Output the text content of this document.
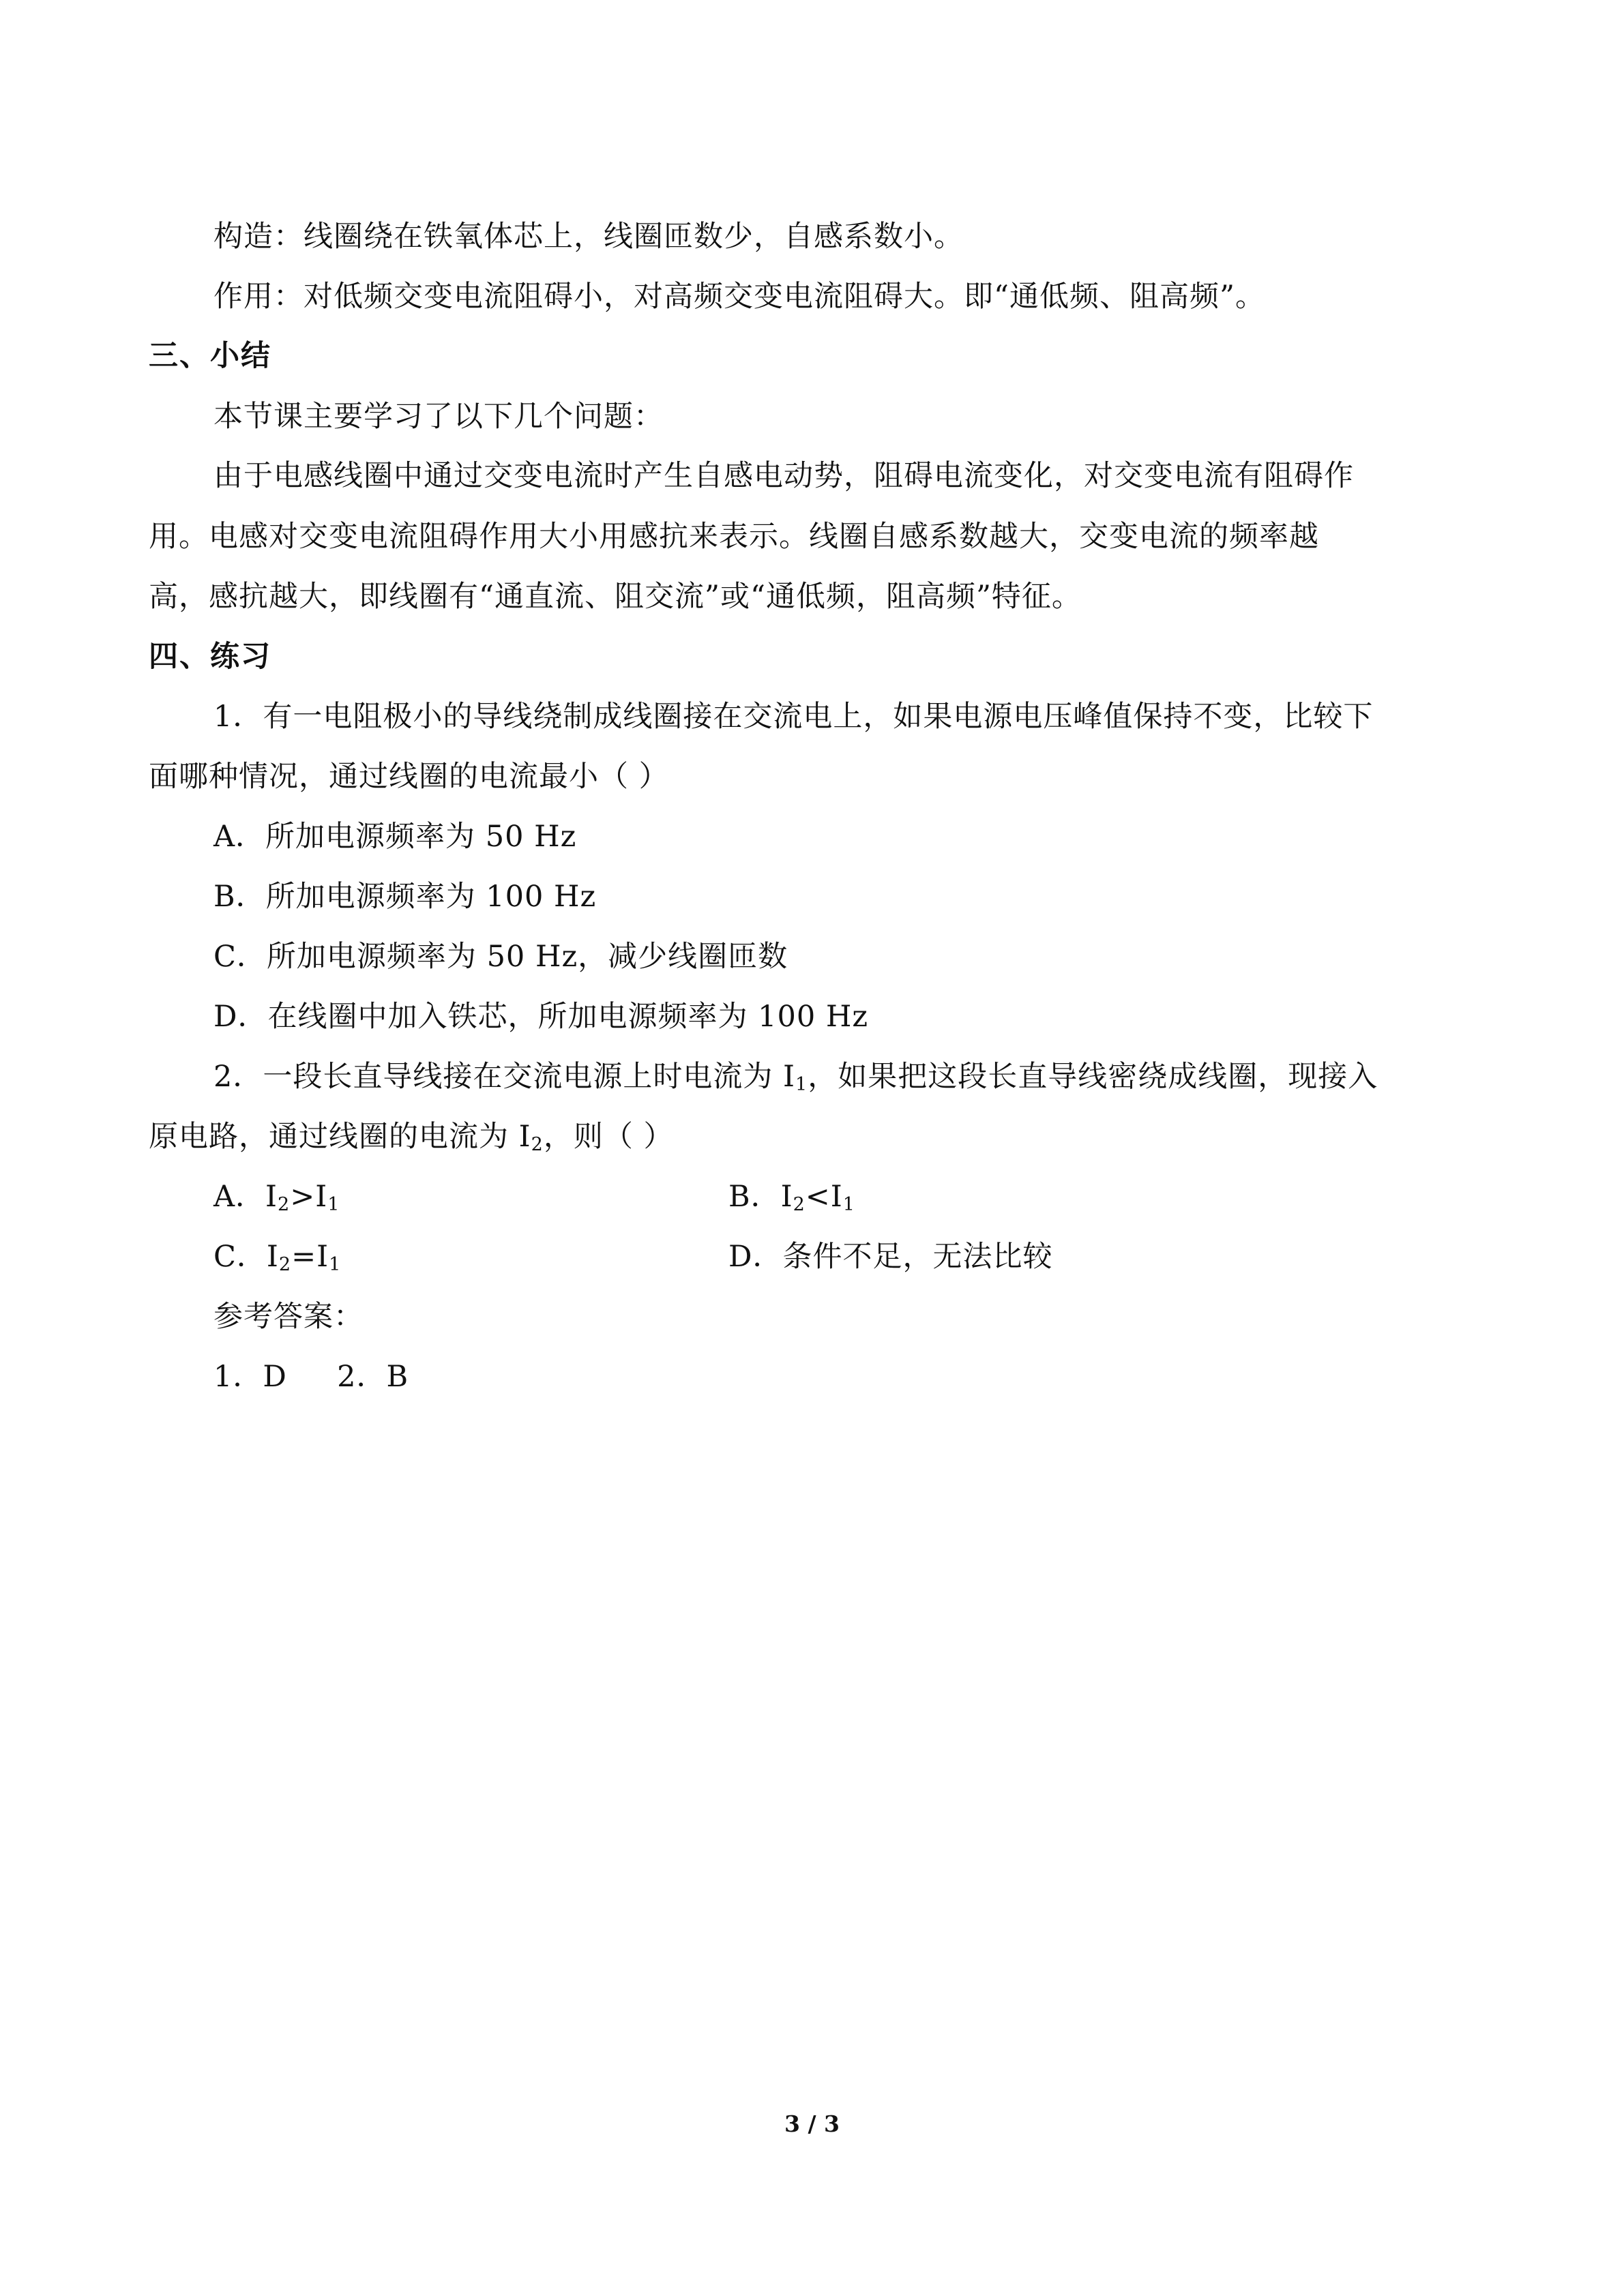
构造：线圈绕在铁氧体芯上，线圈匝数少，自感系数小。
作用：对低频交变电流阻碍小，对高频交变电流阻碍大。即“通低频、阻高频”。
三、小结
本节课主要学习了以下几个问题：
由于电感线圈中通过交变电流时产生自感电动势，阻碍电流变化，对交变电流有阻碍作
用。电感对交变电流阻碍作用大小用感抗来表示。线圈自感系数越大，交变电流的频率越
高，感抗越大，即线圈有“通直流、阻交流”或“通低频，阻高频”特征。
四、练习
1．有一电阻极小的导线绕制成线圈接在交流电上，如果电源电压峰值保持不变，比较下
面哪种情况，通过线圈的电流最小（ ）
A．所加电源频率为 50 Hz
B．所加电源频率为 100 Hz
C．所加电源频率为 50 Hz，减少线圈匝数
D．在线圈中加入铁芯，所加电源频率为 100 Hz
2．一段长直导线接在交流电源上时电流为 $I_1$，如果把这段长直导线密绕成线圈，现接入
原电路，通过线圈的电流为 $I_2$，则（ ）
A．$I_2>I_1$	B．$I_2<I_1$
C．$I_2=I_1$	D．条件不足，无法比较
参考答案：
1．D     2．B
3 / 3
